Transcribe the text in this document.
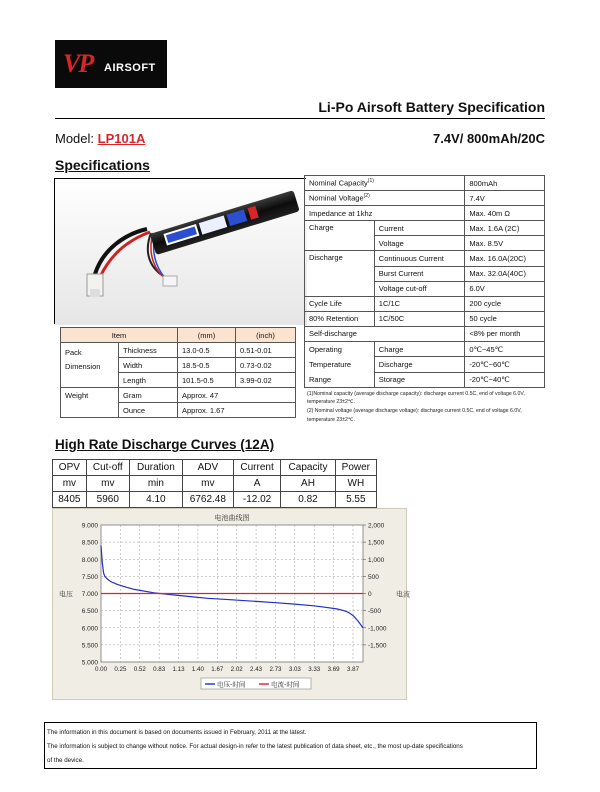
VP AIRSOFT
Li-Po Airsoft Battery Specification
Model: LP101A	7.4V/ 800mAh/20C
Specifications
Item		(mm)	(inch)
Pack
Dimension	Thickness	13.0-0.5	0.51-0.01
	Width	18.5-0.5	0.73-0.02
	Length	101.5-0.5	3.99-0.02
Weight	Gram	Approx. 47	
	Ounce	Approx. 1.67	
Nominal Capacity$^{(1)}$		800mAh
Nominal Voltage$^{(2)}$		7.4V
Impedance at 1khz		Max. 40m Ω
Charge	Current	Max. 1.6A (2C)
	Voltage	Max. 8.5V
Discharge	Continuous Current	Max. 16.0A(20C)
	Burst Current	Max. 32.0A(40C)
	Voltage cut-off	6.0V
Cycle Life	1C/1C	200 cycle
80% Retention	1C/50C	50 cycle
Self-discharge		<8% per month
Operating
Temperature
Range	Charge	0℃~45℃
	Discharge	-20℃~60℃
	Storage	-20℃~40℃
(1)Nominal capacity (average discharge capacity): discharge current 0.5C, end of voltage 6.0V, temperature 23±2℃.
(2) Nominal voltage (average discharge voltage): discharge current 0.5C, end of voltage 6.0V, temperature 23±2℃.
High Rate Discharge Curves (12A)
OPV	Cut-off	Duration	ADV	Current	Capacity	Power
mv	mv	min	mv	A	AH	WH
8405	5960	4.10	6762.48	-12.02	0.82	5.55
9.000
8.500
8.000
7.500
7.000
6.500
6.000
5.500
5.000
2,000
1,500
1,000
500
0
-500
-1,000
-1,500
0.00 0.25 0.52 0.83 1.13 1.40 1.67 2.02 2.43 2.73 3.03 3.33 3.69 3.87
电池曲线图
电压	电流
电压-时间	电流-时间
The information in this document is based on documents issued in February, 2011 at the latest.
The information is subject to change without notice. For actual design-in refer to the latest publication of data sheet, etc., the most up-date specifications
of the device.
